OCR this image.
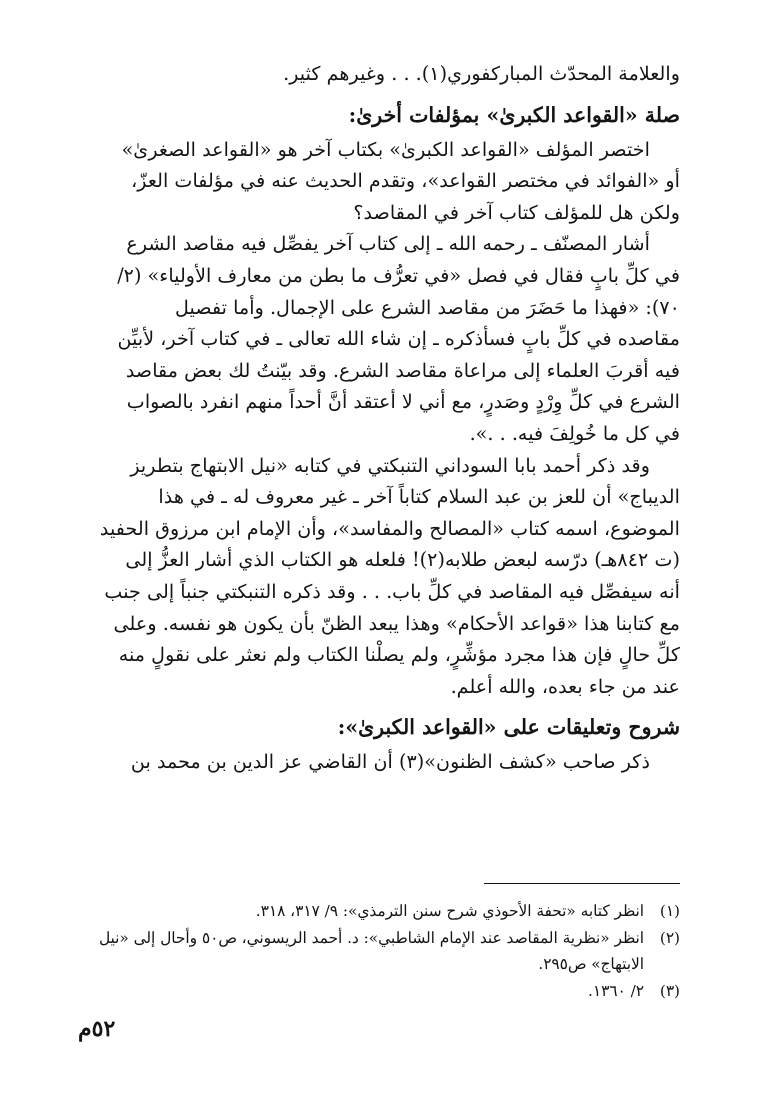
والعلامة المحدّث المباركفوري(١). . . وغيرهم كثير.

صلة «القواعد الكبرىٰ» بمؤلفات أخرىٰ:

اختصر المؤلف «القواعد الكبرىٰ» بكتاب آخر هو «القواعد الصغرىٰ»

أو «الفوائد في مختصر القواعد»، وتقدم الحديث عنه في مؤلفات العزّ،

ولكن هل للمؤلف كتاب آخر في المقاصد؟

أشار المصنّف ـ رحمه الله ـ إلى كتاب آخر يفصِّل فيه مقاصد الشرع

في كلِّ بابٍ فقال في فصل «في تعرُّف ما بطن من معارف الأولياء» (٢/

٧٠): «فهذا ما حَضَرَ من مقاصد الشرع على الإجمال. وأما تفصيل

مقاصده في كلِّ بابٍ فسأذكره ـ إن شاء الله تعالى ـ في كتاب آخر، لأبيِّن

فيه أقربَ العلماء إلى مراعاة مقاصد الشرع. وقد بيّنتُ لك بعض مقاصد

الشرع في كلِّ وِرْدٍ وصَدرٍ، مع أني لا أعتقد أنَّ أحداً منهم انفرد بالصواب

في كل ما خُولِفَ فيه. . .».

وقد ذكر أحمد بابا السوداني التنبكتي في كتابه «نيل الابتهاج بتطريز

الديباج» أن للعز بن عبد السلام كتاباً آخر ـ غير معروف له ـ في هذا

الموضوع، اسمه كتاب «المصالح والمفاسد»، وأن الإمام ابن مرزوق الحفيد

(ت ٨٤٢هـ) درّسه لبعض طلابه(٢)! فلعله هو الكتاب الذي أشار العزُّ إلى

أنه سيفصِّل فيه المقاصد في كلِّ باب. . . وقد ذكره التنبكتي جنباً إلى جنب

مع كتابنا هذا «قواعد الأحكام» وهذا يبعد الظنّ بأن يكون هو نفسه. وعلى

كلِّ حالٍ فإن هذا مجرد مؤشِّرٍ، ولم يصلْنا الكتاب ولم نعثر على نقولٍ منه

عند من جاء بعده، والله أعلم.

شروح وتعليقات على «القواعد الكبرىٰ»:

ذكر صاحب «كشف الظنون»(٣) أن القاضي عز الدين بن محمد بن

(١)
انظر كتابه «تحفة الأحوذي شرح سنن الترمذي»: ٩/ ٣١٧، ٣١٨.
(٢)
انظر «نظرية المقاصد عند الإمام الشاطبي»: د. أحمد الريسوني، ص٥٠ وأحال إلى «نيل الابتهاج» ص٢٩٥.
(٣)
٢/ ١٣٦٠.
٥٢م
